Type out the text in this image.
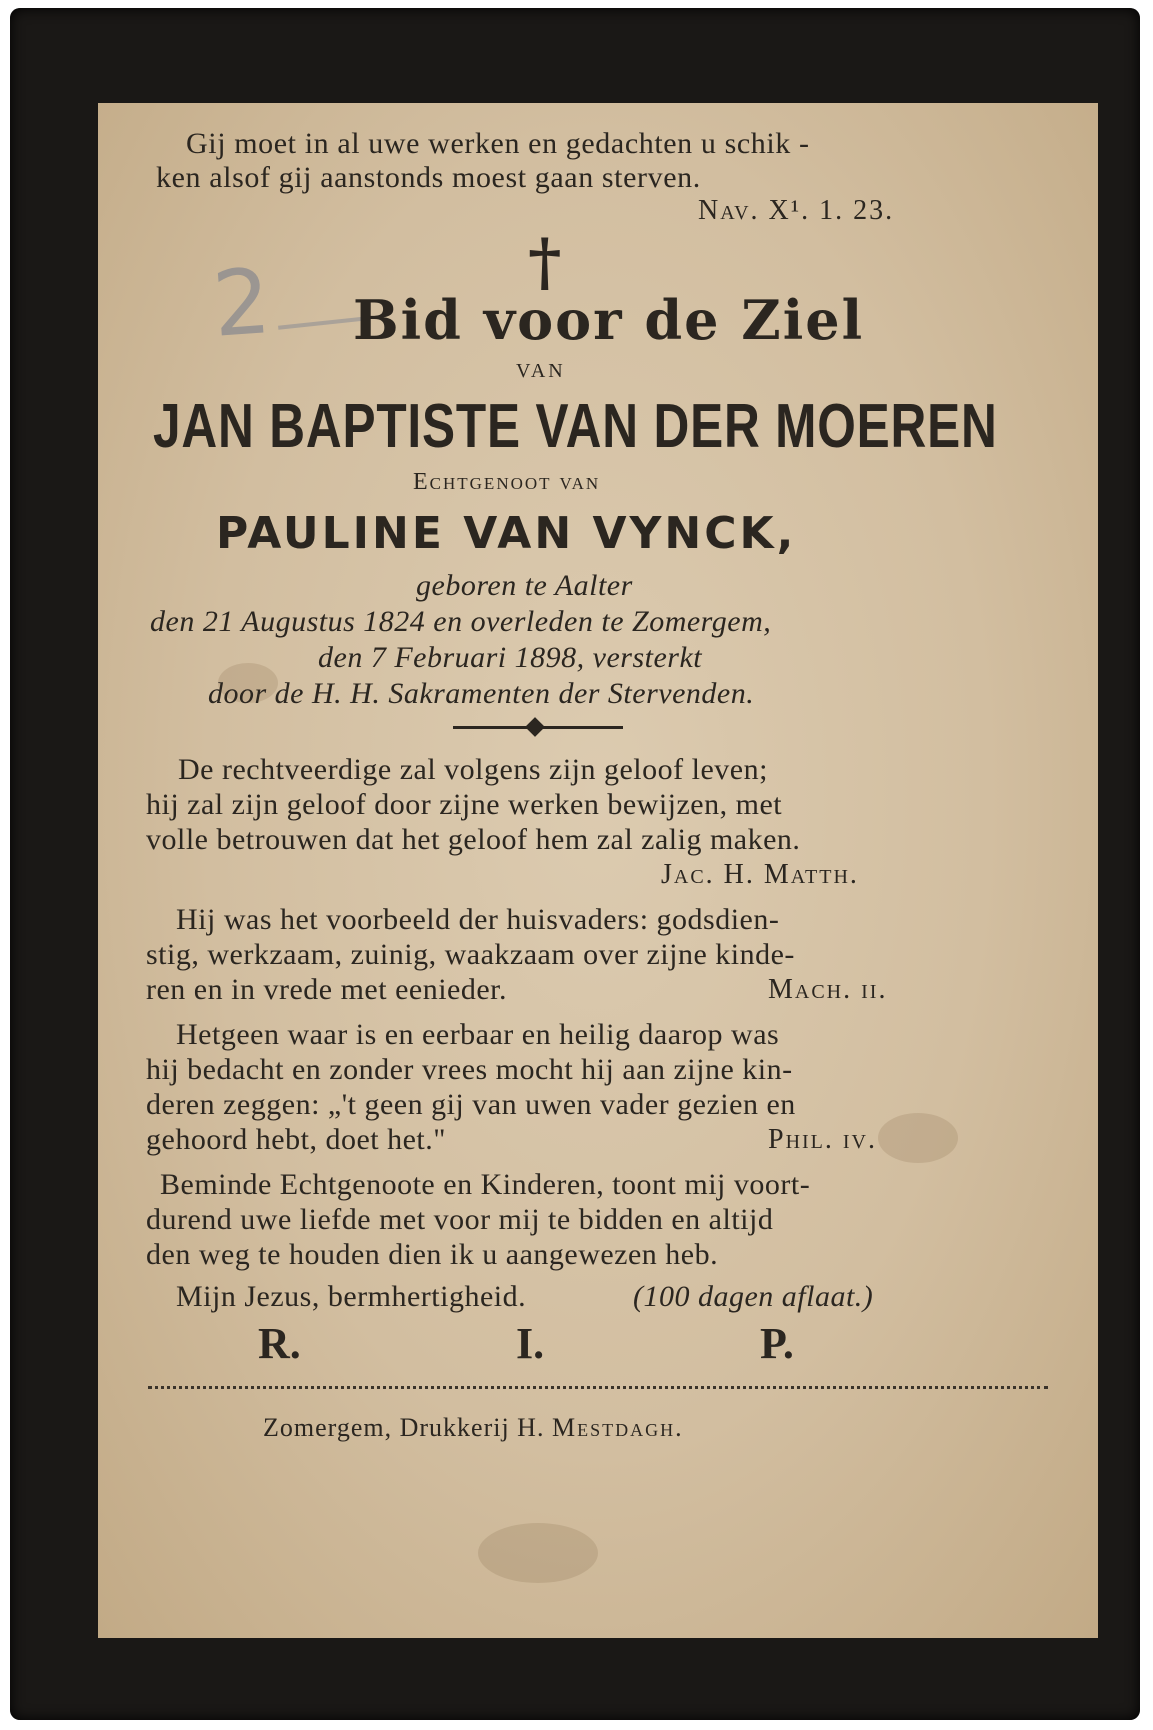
2
Gij moet in al uwe werken en gedachten u schik -
ken alsof gij aanstonds moest gaan sterven.
Nav. X¹. 1. 23.
†
Bid voor de Ziel
VAN
JAN BAPTISTE VAN DER MOEREN
Echtgenoot van
PAULINE VAN VYNCK,
geboren te Aalter
den 21 Augustus 1824 en overleden te Zomergem,
den 7 Februari 1898, versterkt
door de H. H. Sakramenten der Stervenden.
De rechtveerdige zal volgens zijn geloof leven;
hij zal zijn geloof door zijne werken bewijzen, met
volle betrouwen dat het geloof hem zal zalig maken.
Jac. H. Matth.
Hij was het voorbeeld der huisvaders: godsdien-
stig, werkzaam, zuinig, waakzaam over zijne kinde-
ren en in vrede met eenieder.	Mach. ii.
Hetgeen waar is en eerbaar en heilig daarop was
hij bedacht en zonder vrees mocht hij aan zijne kin-
deren zeggen: „'t geen gij van uwen vader gezien en
gehoord hebt, doet het."	Phil. iv.
Beminde Echtgenoote en Kinderen, toont mij voort-
durend uwe liefde met voor mij te bidden en altijd
den weg te houden dien ik u aangewezen heb.
Mijn Jezus, bermhertigheid.	(100 dagen aflaat.)
R.	I.	P.
Zomergem, Drukkerij H. Mestdagh.
